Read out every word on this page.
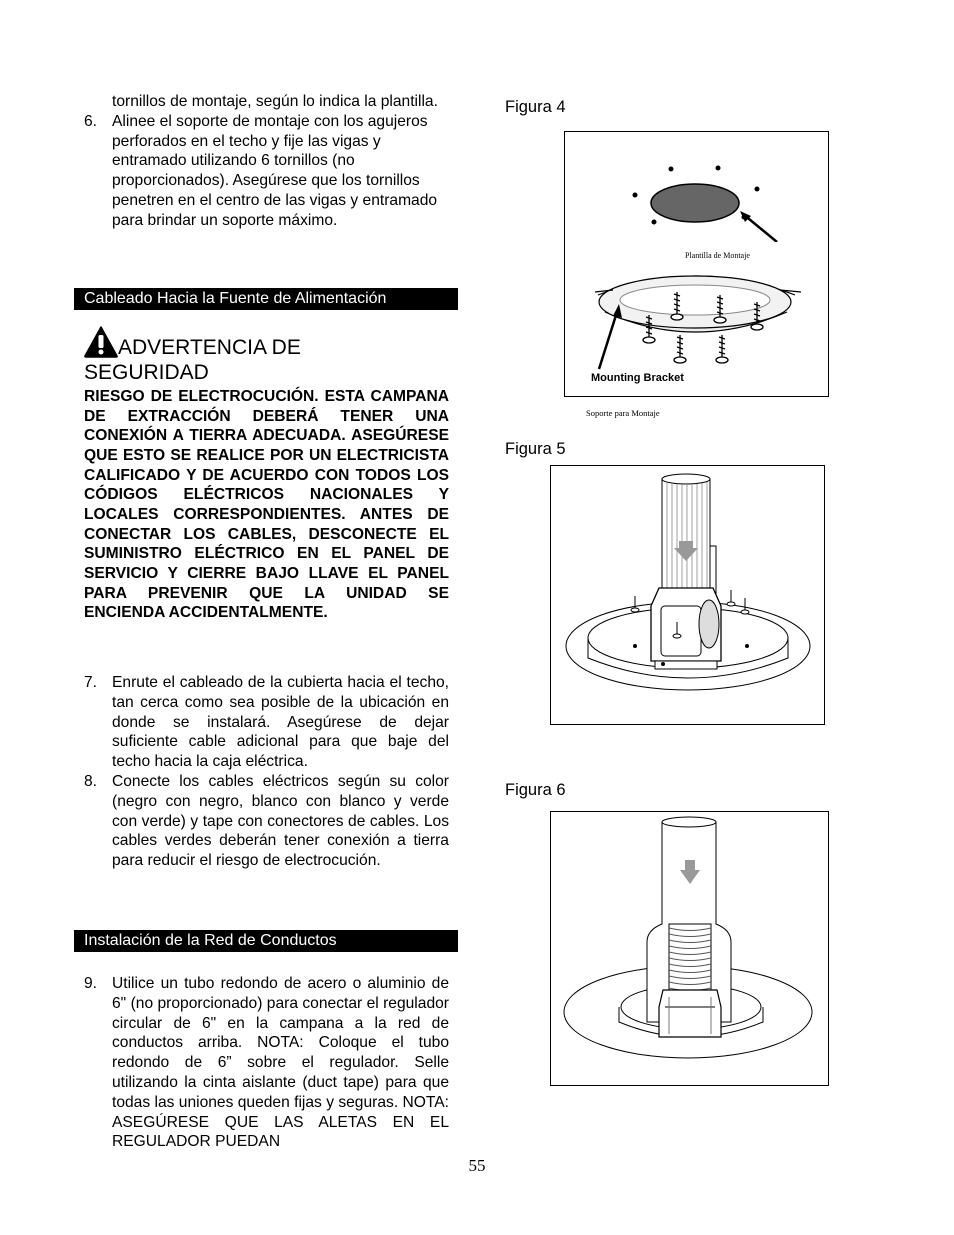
tornillos de montaje, según lo indica la plantilla.
6. Alinee el soporte de montaje con los agujeros perforados en el techo y fije las vigas y entramado utilizando 6 tornillos (no proporcionados). Asegúrese que los tornillos penetren en el centro de las vigas y entramado para brindar un soporte máximo.
Cableado Hacia la Fuente de Alimentación
ADVERTENCIA DE
SEGURIDAD
RIESGO DE ELECTROCUCIÓN. ESTA CAMPANA DE EXTRACCIÓN DEBERÁ TENER UNA CONEXIÓN A TIERRA ADECUADA. ASEGÚRESE QUE ESTO SE REALICE POR UN ELECTRICISTA CALIFICADO Y DE ACUERDO CON TODOS LOS CÓDIGOS ELÉCTRICOS NACIONALES Y LOCALES CORRESPONDIENTES. ANTES DE CONECTAR LOS CABLES, DESCONECTE EL SUMINISTRO ELÉCTRICO EN EL PANEL DE SERVICIO Y CIERRE BAJO LLAVE EL PANEL PARA PREVENIR QUE LA UNIDAD SE ENCIENDA ACCIDENTALMENTE.
7. Enrute el cableado de la cubierta hacia el techo, tan cerca como sea posible de la ubicación en donde se instalará. Asegúrese de dejar suficiente cable adicional para que baje del techo hacia la caja eléctrica.
8. Conecte los cables eléctricos según su color (negro con negro, blanco con blanco y verde con verde) y tape con conectores de cables. Los cables verdes deberán tener conexión a tierra para reducir el riesgo de electrocución.
Instalación de la Red de Conductos
9. Utilice un tubo redondo de acero o aluminio de 6" (no proporcionado) para conectar el regulador circular de 6" en la campana a la red de conductos arriba. NOTA: Coloque el tubo redondo de 6” sobre el regulador. Selle utilizando la cinta aislante (duct tape) para que todas las uniones queden fijas y seguras. NOTA: ASEGÚRESE QUE LAS ALETAS EN EL REGULADOR PUEDAN
Figura 4
Plantilla de Montaje
Mounting Bracket
Soporte para Montaje
Figura 5
Figura 6
55
